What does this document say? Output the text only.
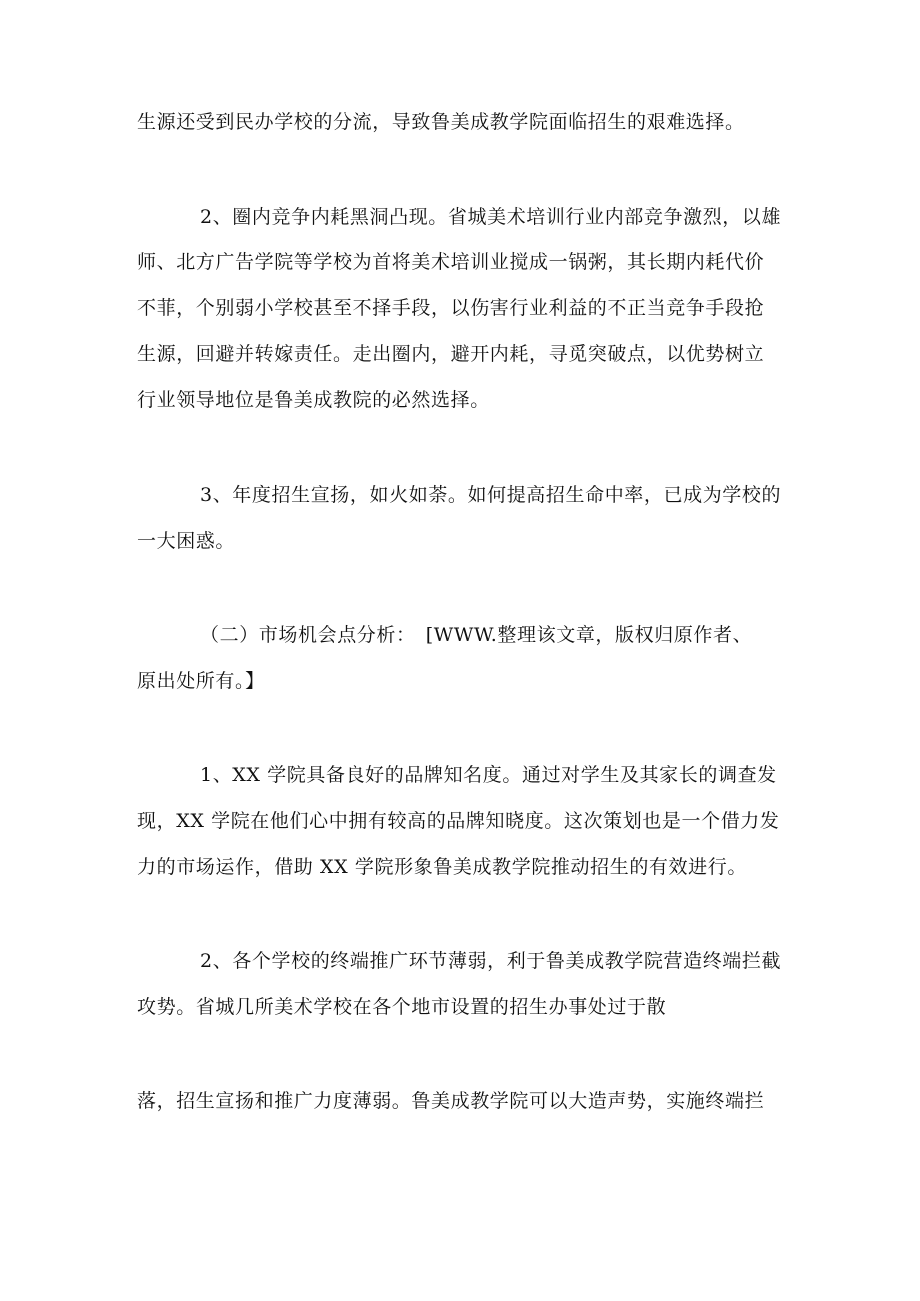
生源还受到民办学校的分流，导致鲁美成教学院面临招生的艰难选择。
2、圈内竞争内耗黑洞凸现。省城美术培训行业内部竞争激烈，以雄
师、北方广告学院等学校为首将美术培训业搅成一锅粥，其长期内耗代价
不菲，个别弱小学校甚至不择手段，以伤害行业利益的不正当竞争手段抢
生源，回避并转嫁责任。走出圈内，避开内耗，寻觅突破点，以优势树立
行业领导地位是鲁美成教院的必然选择。
3、年度招生宣扬，如火如荼。如何提高招生命中率，已成为学校的
一大困惑。
（二）市场机会点分析：　[WWW.整理该文章，版权归原作者、
原出处所有。】
1、XX 学院具备良好的品牌知名度。通过对学生及其家长的调查发
现，XX 学院在他们心中拥有较高的品牌知晓度。这次策划也是一个借力发
力的市场运作，借助 XX 学院形象鲁美成教学院推动招生的有效进行。
2、各个学校的终端推广环节薄弱，利于鲁美成教学院营造终端拦截
攻势。省城几所美术学校在各个地市设置的招生办事处过于散
落，招生宣扬和推广力度薄弱。鲁美成教学院可以大造声势，实施终端拦
